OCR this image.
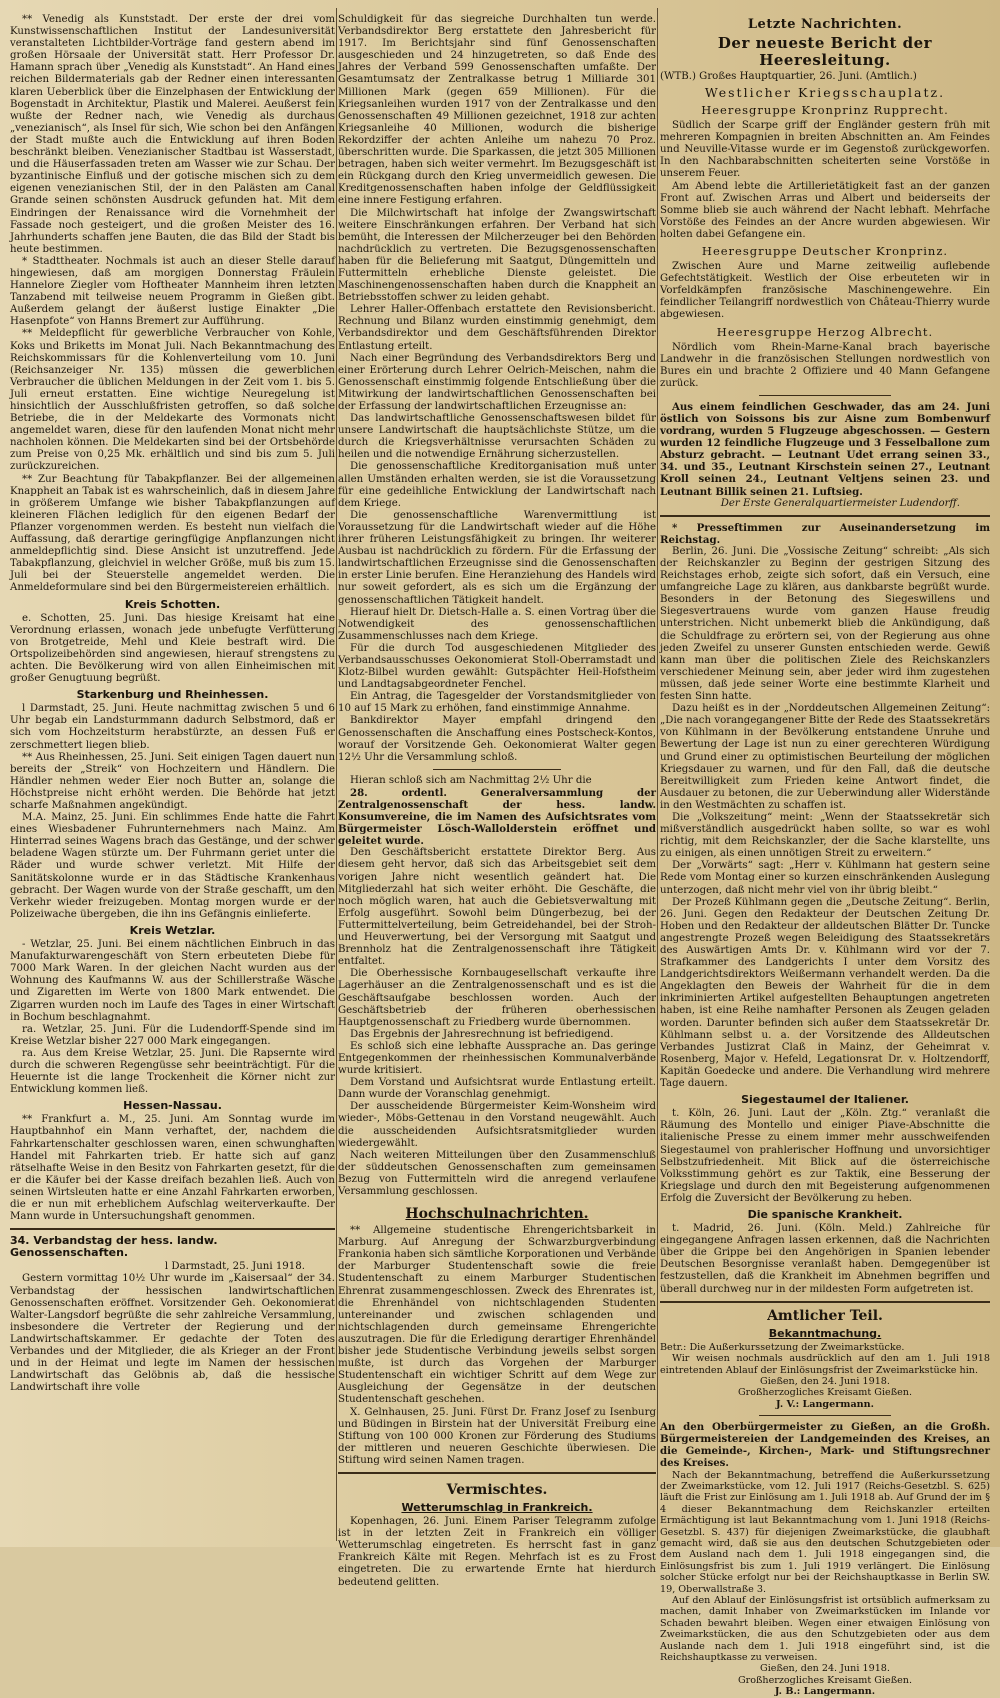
** Venedig als Kunststadt. Der erste der drei vom Kunstwissenschaftlichen Institut der Landesuniversität veranstalteten Lichtbilder-Vorträge fand gestern abend im großen Hörsaale der Universität statt. Herr Professor Dr. Hamann sprach über „Venedig als Kunststadt“. An Hand eines reichen Bildermaterials gab der Redner einen interessanten klaren Ueberblick über die Einzelphasen der Entwicklung der Bogenstadt in Architektur, Plastik und Malerei. Aeußerst fein wußte der Redner nach, wie Venedig als durchaus „venezianisch“, als Insel für sich, Wie schon bei den Anfängen der Stadt mußte auch die Entwicklung auf ihren Boden beschränkt bleiben. Venezianischer Stadtbau ist Wasserstadt, und die Häuserfassaden treten am Wasser wie zur Schau. Der byzantinische Einfluß und der gotische mischen sich zu dem eigenen venezianischen Stil, der in den Palästen am Canal Grande seinen schönsten Ausdruck gefunden hat. Mit dem Eindringen der Renaissance wird die Vornehmheit der Fassade noch gesteigert, und die großen Meister des 16. Jahrhunderts schaffen jene Bauten, die das Bild der Stadt bis heute bestimmen.

* Stadttheater. Nochmals ist auch an dieser Stelle darauf hingewiesen, daß am morgigen Donnerstag Fräulein Hannelore Ziegler vom Hoftheater Mannheim ihren letzten Tanzabend mit teilweise neuem Programm in Gießen gibt. Außerdem gelangt der äußerst lustige Einakter „Die Hasenpfote“ von Hanns Bremert zur Aufführung.

** Meldepflicht für gewerbliche Verbraucher von Kohle, Koks und Briketts im Monat Juli. Nach Bekanntmachung des Reichskommissars für die Kohlenverteilung vom 10. Juni (Reichsanzeiger Nr. 135) müssen die gewerblichen Verbraucher die üblichen Meldungen in der Zeit vom 1. bis 5. Juli erneut erstatten. Eine wichtige Neuregelung ist hinsichtlich der Ausschlußfristen getroffen, so daß solche Betriebe, die in der Meldekarte des Vormonats nicht angemeldet waren, diese für den laufenden Monat nicht mehr nachholen können. Die Meldekarten sind bei der Ortsbehörde zum Preise von 0,25 Mk. erhältlich und sind bis zum 5. Juli zurückzureichen.

** Zur Beachtung für Tabakpflanzer. Bei der allgemeinen Knappheit an Tabak ist es wahrscheinlich, daß in diesem Jahre in größerem Umfange wie bisher Tabakpflanzungen auf kleineren Flächen lediglich für den eigenen Bedarf der Pflanzer vorgenommen werden. Es besteht nun vielfach die Auffassung, daß derartige geringfügige Anpflanzungen nicht anmeldepflichtig sind. Diese Ansicht ist unzutreffend. Jede Tabakpflanzung, gleichviel in welcher Größe, muß bis zum 15. Juli bei der Steuerstelle angemeldet werden. Die Anmeldeformulare sind bei den Bürgermeistereien erhältlich.

Kreis Schotten.

e. Schotten, 25. Juni. Das hiesige Kreisamt hat eine Verordnung erlassen, wonach jede unbefugte Verfütterung von Brotgetreide, Mehl und Kleie bestraft wird. Die Ortspolizeibehörden sind angewiesen, hierauf strengstens zu achten. Die Bevölkerung wird von allen Einheimischen mit großer Genugtuung begrüßt.

Starkenburg und Rheinhessen.

l Darmstadt, 25. Juni. Heute nachmittag zwischen 5 und 6 Uhr begab ein Landsturmmann dadurch Selbstmord, daß er sich vom Hochzeitsturm herabstürzte, an dessen Fuß er zerschmettert liegen blieb.

** Aus Rheinhessen, 25. Juni. Seit einigen Tagen dauert nun bereits der „Streik“ von Hochzeitern und Händlern. Die Händler nehmen weder Eier noch Butter an, solange die Höchstpreise nicht erhöht werden. Die Behörde hat jetzt scharfe Maßnahmen angekündigt.

M.A. Mainz, 25. Juni. Ein schlimmes Ende hatte die Fahrt eines Wiesbadener Fuhrunternehmers nach Mainz. Am Hinterrad seines Wagens brach das Gestänge, und der schwer beladene Wagen stürzte um. Der Fuhrmann geriet unter die Räder und wurde schwer verletzt. Mit Hilfe der Sanitätskolonne wurde er in das Städtische Krankenhaus gebracht. Der Wagen wurde von der Straße geschafft, um den Verkehr wieder freizugeben. Montag morgen wurde er der Polizeiwache übergeben, die ihn ins Gefängnis einlieferte.

Kreis Wetzlar.

- Wetzlar, 25. Juni. Bei einem nächtlichen Einbruch in das Manufakturwarengeschäft von Stern erbeuteten Diebe für 7000 Mark Waren. In der gleichen Nacht wurden aus der Wohnung des Kaufmanns W. aus der Schillerstraße Wäsche und Zigaretten im Werte von 1800 Mark entwendet. Die Zigarren wurden noch im Laufe des Tages in einer Wirtschaft in Bochum beschlagnahmt.

ra. Wetzlar, 25. Juni. Für die Ludendorff-Spende sind im Kreise Wetzlar bisher 227 000 Mark eingegangen.

ra. Aus dem Kreise Wetzlar, 25. Juni. Die Rapsernte wird durch die schweren Regengüsse sehr beeinträchtigt. Für die Heuernte ist die lange Trockenheit die Körner nicht zur Entwicklung kommen ließ.

Hessen-Nassau.

** Frankfurt a. M., 25. Juni. Am Sonntag wurde im Hauptbahnhof ein Mann verhaftet, der, nachdem die Fahrkartenschalter geschlossen waren, einen schwunghaften Handel mit Fahrkarten trieb. Er hatte sich auf ganz rätselhafte Weise in den Besitz von Fahrkarten gesetzt, für die er die Käufer bei der Kasse dreifach bezahlen ließ. Auch von seinen Wirtsleuten hatte er eine Anzahl Fahrkarten erworben, die er nun mit erheblichem Aufschlag weiterverkaufte. Der Mann wurde in Untersuchungshaft genommen.

34. Verbandstag der hess. landw. Genossenschaften.
l Darmstadt, 25. Juni 1918.

Gestern vormittag 10½ Uhr wurde im „Kaisersaal“ der 34. Verbandstag der hessischen landwirtschaftlichen Genossenschaften eröffnet. Vorsitzender Geh. Oekonomierat Walter-Langsdorf begrüßte die sehr zahlreiche Versammlung, insbesondere die Vertreter der Regierung und der Landwirtschaftskammer. Er gedachte der Toten des Verbandes und der Mitglieder, die als Krieger an der Front und in der Heimat und legte im Namen der hessischen Landwirtschaft das Gelöbnis ab, daß die hessische Landwirtschaft ihre volle

Schuldigkeit für das siegreiche Durchhalten tun werde. Verbandsdirektor Berg erstattete den Jahresbericht für 1917. Im Berichtsjahr sind fünf Genossenschaften ausgeschieden und 24 hinzugetreten, so daß Ende des Jahres der Verband 599 Genossenschaften umfaßte. Der Gesamtumsatz der Zentralkasse betrug 1 Milliarde 301 Millionen Mark (gegen 659 Millionen). Für die Kriegsanleihen wurden 1917 von der Zentralkasse und den Genossenschaften 49 Millionen gezeichnet, 1918 zur achten Kriegsanleihe 40 Millionen, wodurch die bisherige Rekordziffer der achten Anleihe um nahezu 70 Proz. überschritten wurde. Die Sparkassen, die jetzt 305 Millionen betragen, haben sich weiter vermehrt. Im Bezugsgeschäft ist ein Rückgang durch den Krieg unvermeidlich gewesen. Die Kreditgenossenschaften haben infolge der Geldflüssigkeit eine innere Festigung erfahren.

Die Milchwirtschaft hat infolge der Zwangswirtschaft weitere Einschränkungen erfahren. Der Verband hat sich bemüht, die Interessen der Milcherzeuger bei den Behörden nachdrücklich zu vertreten. Die Bezugsgenossenschaften haben für die Belieferung mit Saatgut, Düngemitteln und Futtermitteln erhebliche Dienste geleistet. Die Maschinengenossenschaften haben durch die Knappheit an Betriebsstoffen schwer zu leiden gehabt.

Lehrer Haller-Offenbach erstattete den Revisionsbericht. Rechnung und Bilanz wurden einstimmig genehmigt, dem Verbandsdirektor und dem Geschäftsführenden Direktor Entlastung erteilt.

Nach einer Begründung des Verbandsdirektors Berg und einer Erörterung durch Lehrer Oelrich-Meischen, nahm die Genossenschaft einstimmig folgende Entschließung über die Mitwirkung der landwirtschaftlichen Genossenschaften bei der Erfassung der landwirtschaftlichen Erzeugnisse an:

Das landwirtschaftliche Genossenschaftswesen bildet für unsere Landwirtschaft die hauptsächlichste Stütze, um die durch die Kriegsverhältnisse verursachten Schäden zu heilen und die notwendige Ernährung sicherzustellen.

Die genossenschaftliche Kreditorganisation muß unter allen Umständen erhalten werden, sie ist die Voraussetzung für eine gedeihliche Entwicklung der Landwirtschaft nach dem Kriege.

Die genossenschaftliche Warenvermittlung ist Voraussetzung für die Landwirtschaft wieder auf die Höhe ihrer früheren Leistungsfähigkeit zu bringen. Ihr weiterer Ausbau ist nachdrücklich zu fördern. Für die Erfassung der landwirtschaftlichen Erzeugnisse sind die Genossenschaften in erster Linie berufen. Eine Heranziehung des Handels wird nur soweit gefordert, als es sich um die Ergänzung der genossenschaftlichen Tätigkeit handelt.

Hierauf hielt Dr. Dietsch-Halle a. S. einen Vortrag über die Notwendigkeit des genossenschaftlichen Zusammenschlusses nach dem Kriege.

Für die durch Tod ausgeschiedenen Mitglieder des Verbandsausschusses Oekonomierat Stoll-Oberramstadt und Klotz-Bilbel wurden gewählt: Gutspächter Heil-Hofstheim und Landtagsabgeordneter Fenchel.

Ein Antrag, die Tagesgelder der Vorstandsmitglieder von 10 auf 15 Mark zu erhöhen, fand einstimmige Annahme.

Bankdirektor Mayer empfahl dringend den Genossenschaften die Anschaffung eines Postscheck-Kontos, worauf der Vorsitzende Geh. Oekonomierat Walter gegen 12½ Uhr die Versammlung schloß.

Hieran schloß sich am Nachmittag 2½ Uhr die

28. ordentl. Generalversammlung der Zentralgenossenschaft der hess. landw. Konsumvereine, die im Namen des Aufsichtsrates vom Bürgermeister Lösch-Wallolderstein eröffnet und geleitet wurde.

Den Geschäftsbericht erstattete Direktor Berg. Aus diesem geht hervor, daß sich das Arbeitsgebiet seit dem vorigen Jahre nicht wesentlich geändert hat. Die Mitgliederzahl hat sich weiter erhöht. Die Geschäfte, die noch möglich waren, hat auch die Gebietsverwaltung mit Erfolg ausgeführt. Sowohl beim Düngerbezug, bei der Futtermittelverteilung, beim Getreidehandel, bei der Stroh- und Heuverwertung, bei der Versorgung mit Saatgut und Brennholz hat die Zentralgenossenschaft ihre Tätigkeit entfaltet.

Die Oberhessische Kornbaugesellschaft verkaufte ihre Lagerhäuser an die Zentralgenossenschaft und es ist die Geschäftsaufgabe beschlossen worden. Auch der Geschäftsbetrieb der früheren oberhessischen Hauptgenossenschaft zu Friedberg wurde übernommen.

Das Ergebnis der Jahresrechnung ist befriedigend.

Es schloß sich eine lebhafte Aussprache an. Das geringe Entgegenkommen der rheinhessischen Kommunalverbände wurde kritisiert.

Dem Vorstand und Aufsichtsrat wurde Entlastung erteilt. Dann wurde der Voranschlag genehmigt.

Der ausscheidende Bürgermeister Keim-Wonsheim wird wieder-, Möbs-Gettenau in den Vorstand neugewählt. Auch die ausscheidenden Aufsichtsratsmitglieder wurden wiedergewählt.

Nach weiteren Mitteilungen über den Zusammenschluß der süddeutschen Genossenschaften zum gemeinsamen Bezug von Futtermitteln wird die anregend verlaufene Versammlung geschlossen.

Hochschulnachrichten.

** Allgemeine studentische Ehrengerichtsbarkeit in Marburg. Auf Anregung der Schwarzburgverbindung Frankonia haben sich sämtliche Korporationen und Verbände der Marburger Studentenschaft sowie die freie Studentenschaft zu einem Marburger Studentischen Ehrenrat zusammengeschlossen. Zweck des Ehrenrates ist, die Ehrenhändel von nichtschlagenden Studenten untereinander und zwischen schlagenden und nichtschlagenden durch gemeinsame Ehrengerichte auszutragen. Die für die Erledigung derartiger Ehrenhändel bisher jede Studentische Verbindung jeweils selbst sorgen mußte, ist durch das Vorgehen der Marburger Studentenschaft ein wichtiger Schritt auf dem Wege zur Ausgleichung der Gegensätze in der deutschen Studentenschaft geschehen.

X. Gelnhausen, 25. Juni. Fürst Dr. Franz Josef zu Isenburg und Büdingen in Birstein hat der Universität Freiburg eine Stiftung von 100 000 Kronen zur Förderung des Studiums der mittleren und neueren Geschichte überwiesen. Die Stiftung wird seinen Namen tragen.

Vermischtes.
Wetterumschlag in Frankreich.

Kopenhagen, 26. Juni. Einem Pariser Telegramm zufolge ist in der letzten Zeit in Frankreich ein völliger Wetterumschlag eingetreten. Es herrscht fast in ganz Frankreich Kälte mit Regen. Mehrfach ist es zu Frost eingetreten. Die zu erwartende Ernte hat hierdurch bedeutend gelitten.

Letzte Nachrichten.
Der neueste Bericht der Heeresleitung.

(WTB.) Großes Hauptquartier, 26. Juni. (Amtlich.)

Westlicher Kriegsschauplatz.
Heeresgruppe Kronprinz Rupprecht.

Südlich der Scarpe griff der Engländer gestern früh mit mehreren Kompagnien in breiten Abschnitten an. Am Feindes und Neuville-Vitasse wurde er im Gegenstoß zurückgeworfen. In den Nachbarabschnitten scheiterten seine Vorstöße in unserem Feuer.

Am Abend lebte die Artillerietätigkeit fast an der ganzen Front auf. Zwischen Arras und Albert und beiderseits der Somme blieb sie auch während der Nacht lebhaft. Mehrfache Vorstöße des Feindes an der Ancre wurden abgewiesen. Wir holten dabei Gefangene ein.

Heeresgruppe Deutscher Kronprinz.

Zwischen Aure und Marne zeitweilig auflebende Gefechtstätigkeit. Westlich der Oise erbeuteten wir in Vorfeldkämpfen französische Maschinengewehre. Ein feindlicher Teilangriff nordwestlich von Château-Thierry wurde abgewiesen.

Heeresgruppe Herzog Albrecht.

Nördlich vom Rhein-Marne-Kanal brach bayerische Landwehr in die französischen Stellungen nordwestlich von Bures ein und brachte 2 Offiziere und 40 Mann Gefangene zurück.

Aus einem feindlichen Geschwader, das am 24. Juni östlich von Soissons bis zur Aisne zum Bombenwurf vordrang, wurden 5 Flugzeuge abgeschossen. — Gestern wurden 12 feindliche Flugzeuge und 3 Fesselballone zum Absturz gebracht. — Leutnant Udet errang seinen 33., 34. und 35., Leutnant Kirschstein seinen 27., Leutnant Kroll seinen 24., Leutnant Veltjens seinen 23. und Leutnant Billik seinen 21. Luftsieg.

Der Erste Generalquartiermeister Ludendorff.

* Presseftimmen zur Auseinandersetzung im Reichstag.

Berlin, 26. Juni. Die „Vossische Zeitung“ schreibt: „Als sich der Reichskanzler zu Beginn der gestrigen Sitzung des Reichstages erhob, zeigte sich sofort, daß ein Versuch, eine umfangreiche Lage zu klären, aus dankbarste begrüßt wurde. Besonders in der Betonung des Siegeswillens und Siegesvertrauens wurde vom ganzen Hause freudig unterstrichen. Nicht unbemerkt blieb die Ankündigung, daß die Schuldfrage zu erörtern sei, von der Regierung aus ohne jeden Zweifel zu unserer Gunsten entschieden werde. Gewiß kann man über die politischen Ziele des Reichskanzlers verschiedener Meinung sein, aber jeder wird ihm zugestehen müssen, daß jede seiner Worte eine bestimmte Klarheit und festen Sinn hatte.

Dazu heißt es in der „Norddeutschen Allgemeinen Zeitung“: „Die nach vorangegangener Bitte der Rede des Staatssekretärs von Kühlmann in der Bevölkerung entstandene Unruhe und Bewertung der Lage ist nun zu einer gerechteren Würdigung und Grund einer zu optimistischen Beurteilung der möglichen Kriegsdauer zu warnen, und für den Fall, daß die deutsche Bereitwilligkeit zum Frieden keine Antwort findet, die Ausdauer zu betonen, die zur Ueberwindung aller Widerstände in den Westmächten zu schaffen ist.

Die „Volkszeitung“ meint: „Wenn der Staatssekretär sich mißverständlich ausgedrückt haben sollte, so war es wohl richtig, mit dem Reichskanzler, der die Sache klarstellte, uns zu einigen, als einen unnötigen Streit zu erweitern.“

Der „Vorwärts“ sagt: „Herr v. Kühlmann hat gestern seine Rede vom Montag einer so kurzen einschränkenden Auslegung unterzogen, daß nicht mehr viel von ihr übrig bleibt.“

Der Prozeß Kühlmann gegen die „Deutsche Zeitung“. Berlin, 26. Juni. Gegen den Redakteur der Deutschen Zeitung Dr. Hoben und den Redakteur der alldeutschen Blätter Dr. Tuncke angestrengte Prozeß wegen Beleidigung des Staatssekretärs des Auswärtigen Amts Dr. v. Kühlmann wird vor der 7. Strafkammer des Landgerichts I unter dem Vorsitz des Landgerichtsdirektors Weißermann verhandelt werden. Da die Angeklagten den Beweis der Wahrheit für die in dem inkriminierten Artikel aufgestellten Behauptungen angetreten haben, ist eine Reihe namhafter Personen als Zeugen geladen worden. Darunter befinden sich außer dem Staatssekretär Dr. Kühlmann selbst u. a. der Vorsitzende des Alldeutschen Verbandes Justizrat Claß in Mainz, der Geheimrat v. Rosenberg, Major v. Hefeld, Legationsrat Dr. v. Holtzendorff, Kapitän Goedecke und andere. Die Verhandlung wird mehrere Tage dauern.

Siegestaumel der Italiener.

t. Köln, 26. Juni. Laut der „Köln. Ztg.“ veranlaßt die Räumung des Montello und einiger Piave-Abschnitte die italienische Presse zu einem immer mehr ausschweifenden Siegestaumel von prahlerischer Hoffnung und unvorsichtiger Selbstzufriedenheit. Mit Blick auf die österreichische Volksstimmung gehört es zur Taktik, eine Besserung der Kriegslage und durch den mit Begeisterung aufgenommenen Erfolg die Zuversicht der Bevölkerung zu heben.

Die spanische Krankheit.

t. Madrid, 26. Juni. (Köln. Meld.) Zahlreiche für eingegangene Anfragen lassen erkennen, daß die Nachrichten über die Grippe bei den Angehörigen in Spanien lebender Deutschen Besorgnisse veranlaßt haben. Demgegenüber ist festzustellen, daß die Krankheit im Abnehmen begriffen und überall durchweg nur in der mildesten Form aufgetreten ist.

Amtlicher Teil.
Bekanntmachung.

Betr.: Die Außerkurssetzung der Zweimarkstücke.

Wir weisen nochmals ausdrücklich auf den am 1. Juli 1918 eintretenden Ablauf der Einlösungsfrist der Zweimarkstücke hin.

Gießen, den 24. Juni 1918.
Großherzogliches Kreisamt Gießen.
J. V.: Langermann.

An den Oberbürgermeister zu Gießen, an die Großh. Bürgermeistereien der Landgemeinden des Kreises, an die Gemeinde-, Kirchen-, Mark- und Stiftungsrechner des Kreises.

Nach der Bekanntmachung, betreffend die Außerkurssetzung der Zweimarkstücke, vom 12. Juli 1917 (Reichs-Gesetzbl. S. 625) läuft die Frist zur Einlösung am 1. Juli 1918 ab. Auf Grund der im § 4 dieser Bekanntmachung dem Reichskanzler erteilten Ermächtigung ist laut Bekanntmachung vom 1. Juni 1918 (Reichs-Gesetzbl. S. 437) für diejenigen Zweimarkstücke, die glaubhaft gemacht wird, daß sie aus den deutschen Schutzgebieten oder dem Ausland nach dem 1. Juli 1918 eingegangen sind, die Einlösungsfrist bis zum 1. Juli 1919 verlängert. Die Einlösung solcher Stücke erfolgt nur bei der Reichshauptkasse in Berlin SW. 19, Oberwallstraße 3.

Auf den Ablauf der Einlösungsfrist ist ortsüblich aufmerksam zu machen, damit Inhaber von Zweimarkstücken im Inlande vor Schaden bewahrt bleiben. Wegen einer etwaigen Einlösung von Zweimarkstücken, die aus den Schutzgebieten oder aus dem Auslande nach dem 1. Juli 1918 eingeführt sind, ist die Reichshauptkasse zu verweisen.

Gießen, den 24. Juni 1918.
Großherzogliches Kreisamt Gießen.
J. B.: Langermann.
